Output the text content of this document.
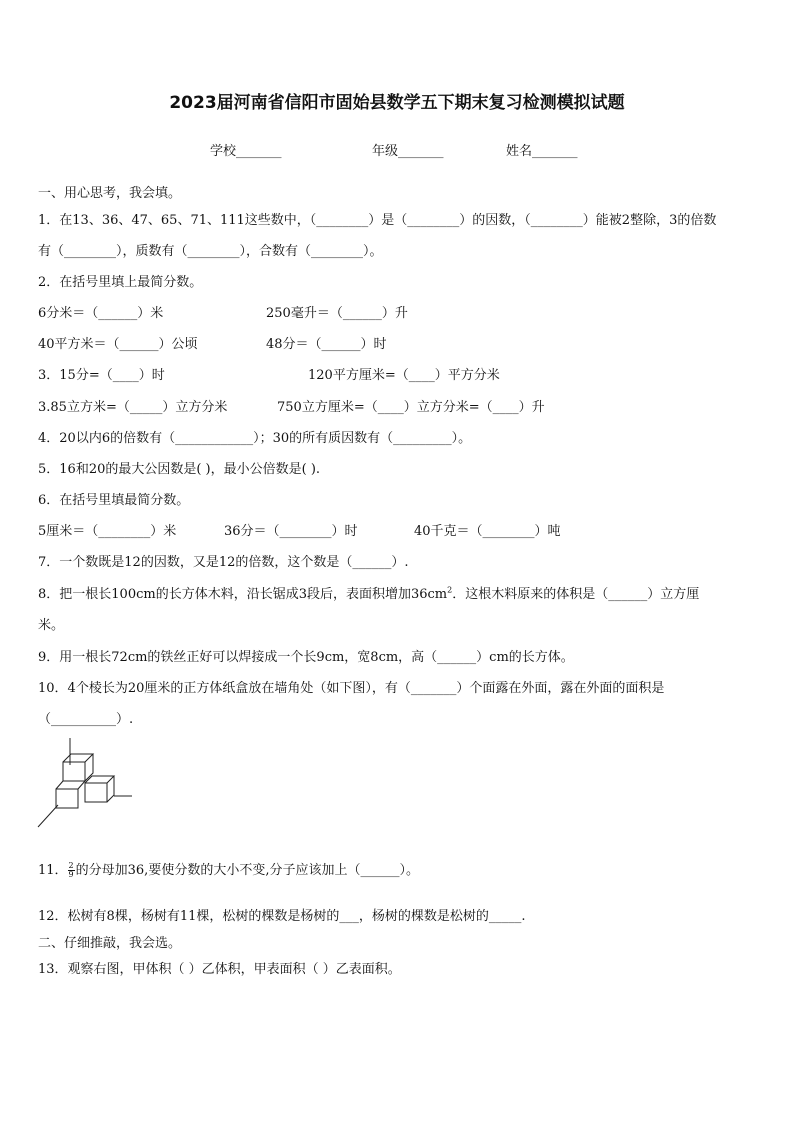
2023届河南省信阳市固始县数学五下期末复习检测模拟试题
学校_______	年级_______	姓名_______
一、用心思考，我会填。
1．在13、36、47、65、71、111这些数中，（________）是（________）的因数，（________）能被2整除，3的倍数
有（________），质数有（________），合数有（________）。
2．在括号里填上最简分数。
6分米＝（______）米	250毫升＝（______）升
40平方米＝（______）公顷	48分＝（______）时
3．15分=（____）时	120平方厘米=（____）平方分米
3.85立方米=（_____）立方分米	750立方厘米=（____）立方分米=（____）升
4．20以内6的倍数有（____________）；30的所有质因数有（_________）。
5．16和20的最大公因数是( )，最小公倍数是( ).
6．在括号里填最简分数。
5厘米＝（________）米	36分＝（________）时	40千克＝（________）吨
7．一个数既是12的因数，又是12的倍数，这个数是（______）.
8．把一根长100cm的长方体木料，沿长锯成3段后，表面积增加$36cm^2$．这根木料原来的体积是（______）立方厘
米。
9．用一根长72cm的铁丝正好可以焊接成一个长9cm，宽8cm，高（______）cm的长方体。
10．4个棱长为20厘米的正方体纸盒放在墙角处（如下图），有（_______）个面露在外面，露在外面的面积是
（__________）.
11． $\frac{2}{9}$ 的分母加36,要使分数的大小不变,分子应该加上（______）。
12．松树有8棵，杨树有11棵，松树的棵数是杨树的___，杨树的棵数是松树的_____.
二、仔细推敲，我会选。
13．观察右图，甲体积（ ）乙体积，甲表面积（ ）乙表面积。
